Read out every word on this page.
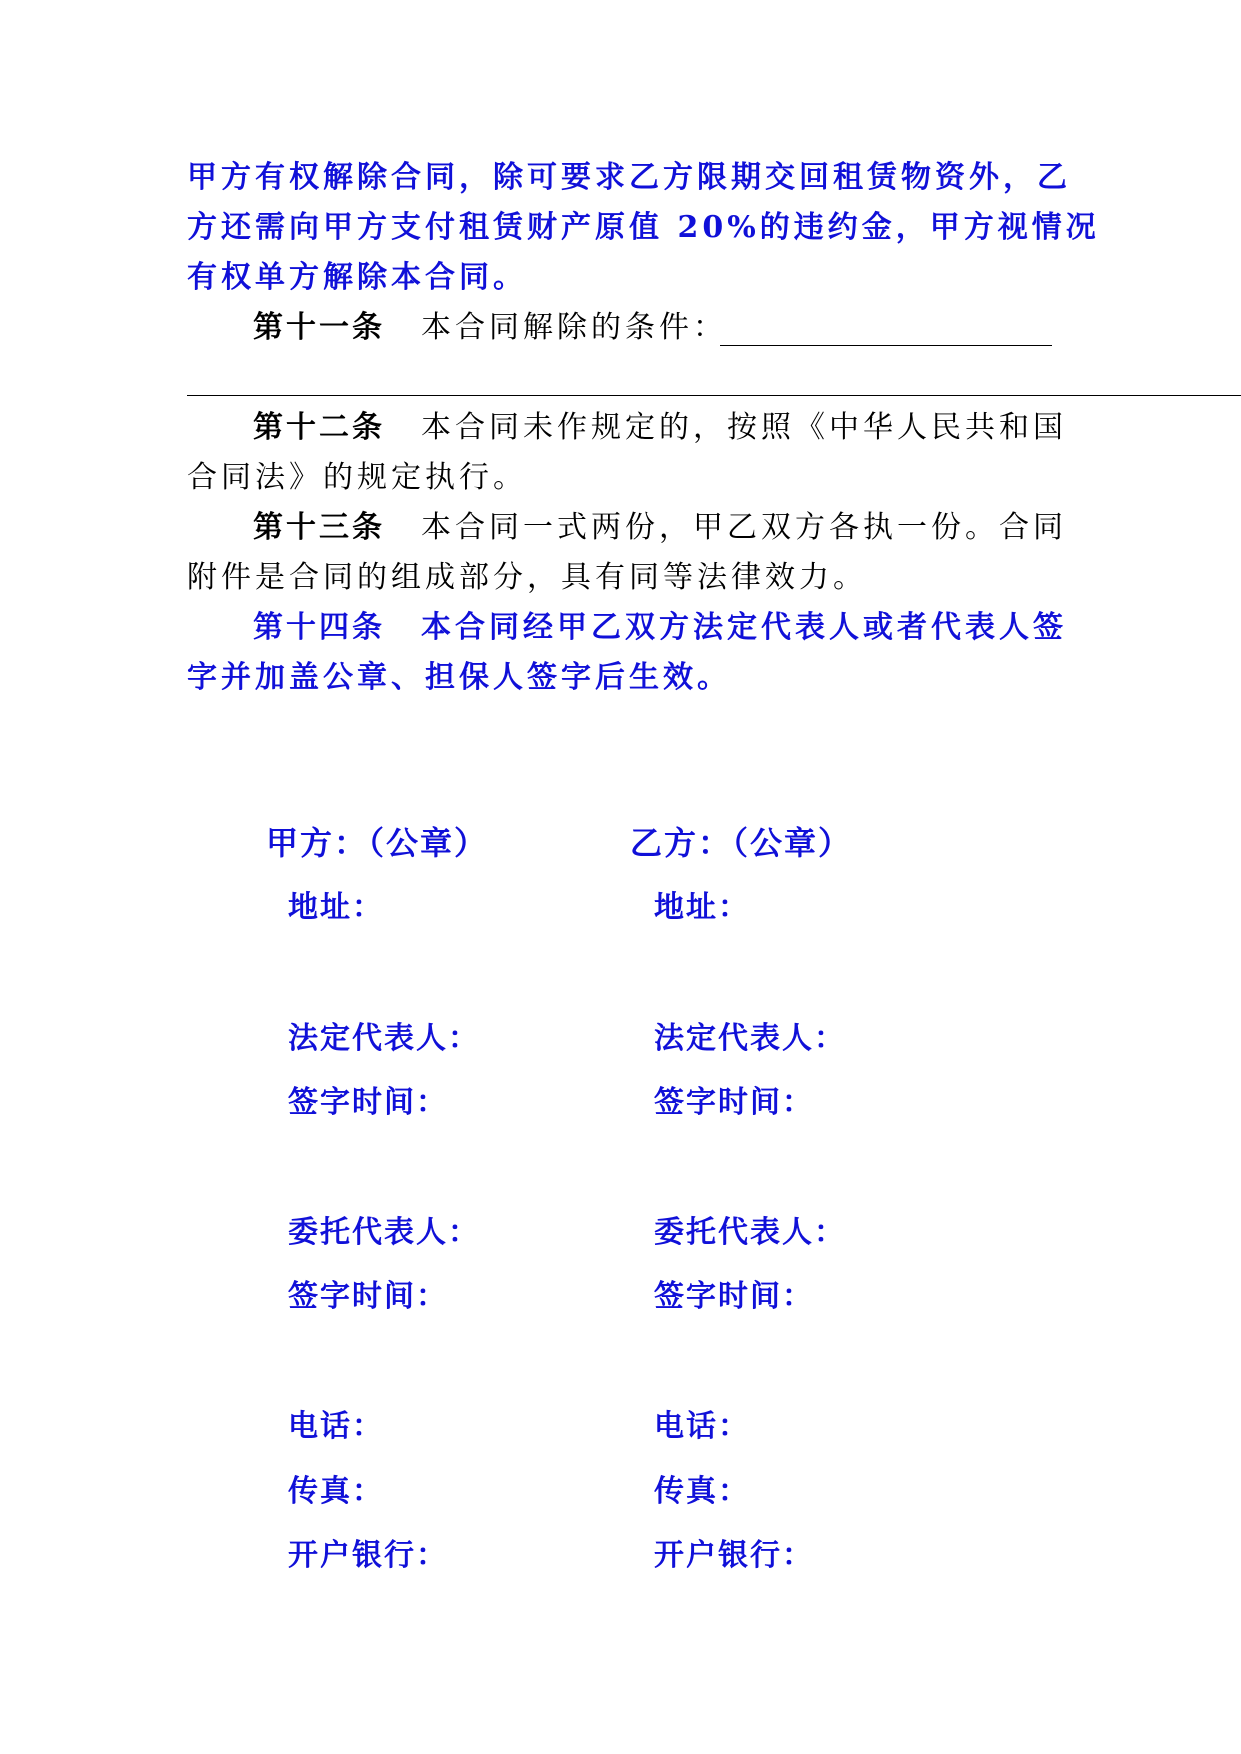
甲方有权解除合同，除可要求乙方限期交回租赁物资外，乙
方还需向甲方支付租赁财产原值 20%的违约金，甲方视情况
有权单方解除本合同。
第十一条 本合同解除的条件：
第十二条 本合同未作规定的，按照《中华人民共和国
合同法》的规定执行。
第十三条 本合同一式两份，甲乙双方各执一份。合同
附件是合同的组成部分，具有同等法律效力。
第十四条 本合同经甲乙双方法定代表人或者代表人签
字并加盖公章、担保人签字后生效。
甲方：（公章）
地址：
法定代表人：
签字时间：
委托代表人：
签字时间：
电话：
传真：
开户银行：
乙方：（公章）
地址：
法定代表人：
签字时间：
委托代表人：
签字时间：
电话：
传真：
开户银行：
